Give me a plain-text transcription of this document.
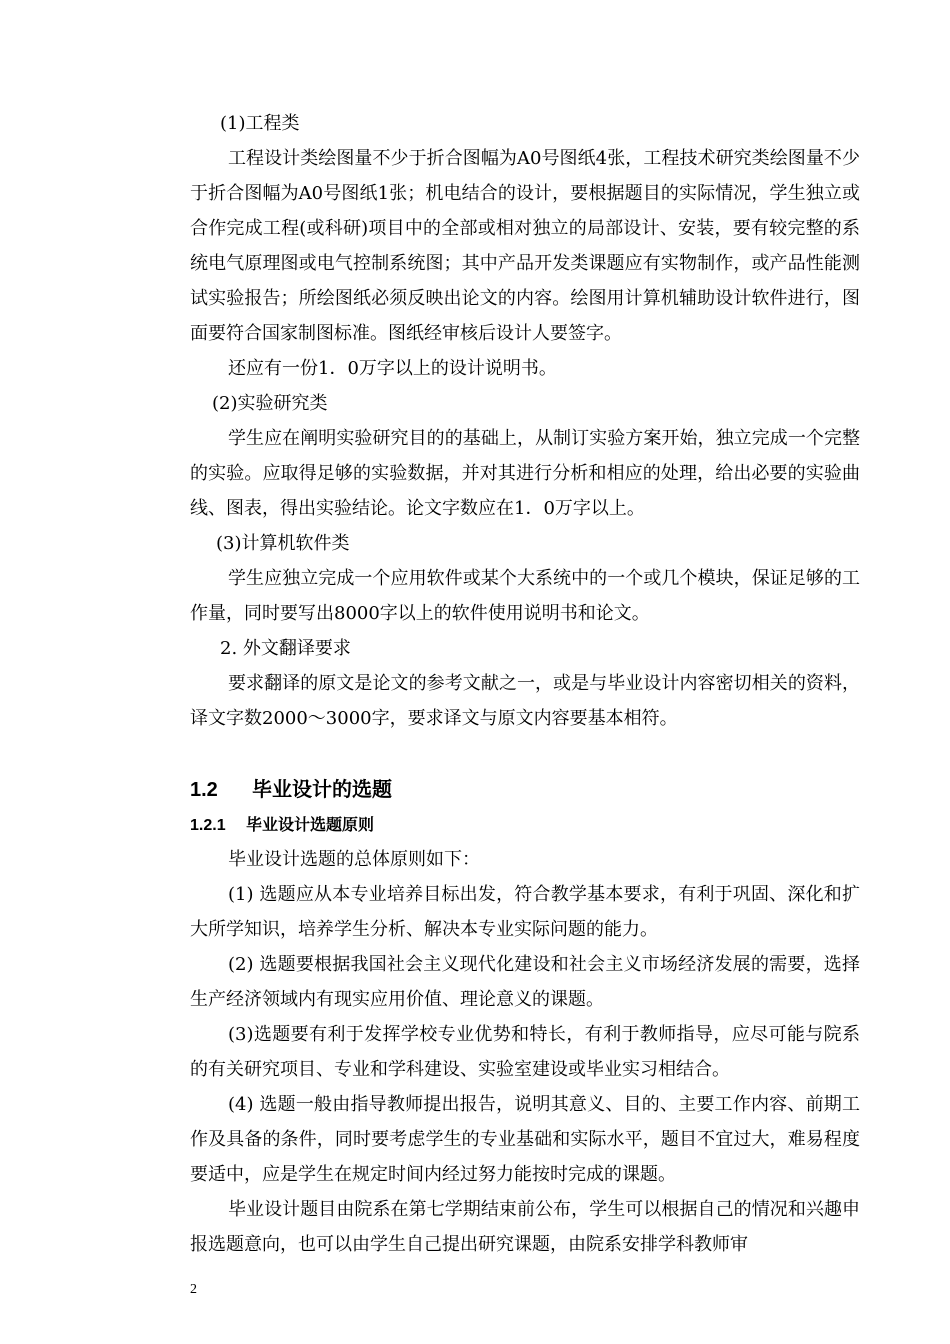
(1)工程类

工程设计类绘图量不少于折合图幅为A0号图纸4张，工程技术研究类绘图量不少于折合图幅为A0号图纸1张；机电结合的设计，要根据题目的实际情况，学生独立或合作完成工程(或科研)项目中的全部或相对独立的局部设计、安装，要有较完整的系统电气原理图或电气控制系统图；其中产品开发类课题应有实物制作，或产品性能测试实验报告；所绘图纸必须反映出论文的内容。绘图用计算机辅助设计软件进行，图面要符合国家制图标准。图纸经审核后设计人要签字。

还应有一份1．0万字以上的设计说明书。

(2)实验研究类

学生应在阐明实验研究目的的基础上，从制订实验方案开始，独立完成一个完整的实验。应取得足够的实验数据，并对其进行分析和相应的处理，给出必要的实验曲线、图表，得出实验结论。论文字数应在1．0万字以上。

(3)计算机软件类

学生应独立完成一个应用软件或某个大系统中的一个或几个模块，保证足够的工作量，同时要写出8000字以上的软件使用说明书和论文。

2. 外文翻译要求

要求翻译的原文是论文的参考文献之一，或是与毕业设计内容密切相关的资料，译文字数2000～3000字，要求译文与原文内容要基本相符。

1.2 毕业设计的选题

1.2.1 毕业设计选题原则

毕业设计选题的总体原则如下：

(1) 选题应从本专业培养目标出发，符合教学基本要求，有利于巩固、深化和扩大所学知识，培养学生分析、解决本专业实际问题的能力。

(2) 选题要根据我国社会主义现代化建设和社会主义市场经济发展的需要，选择生产经济领域内有现实应用价值、理论意义的课题。

(3)选题要有利于发挥学校专业优势和特长，有利于教师指导，应尽可能与院系的有关研究项目、专业和学科建设、实验室建设或毕业实习相结合。

(4) 选题一般由指导教师提出报告，说明其意义、目的、主要工作内容、前期工作及具备的条件，同时要考虑学生的专业基础和实际水平，题目不宜过大，难易程度要适中，应是学生在规定时间内经过努力能按时完成的课题。

毕业设计题目由院系在第七学期结束前公布，学生可以根据自己的情况和兴趣申报选题意向，也可以由学生自己提出研究课题，由院系安排学科教师审

2
